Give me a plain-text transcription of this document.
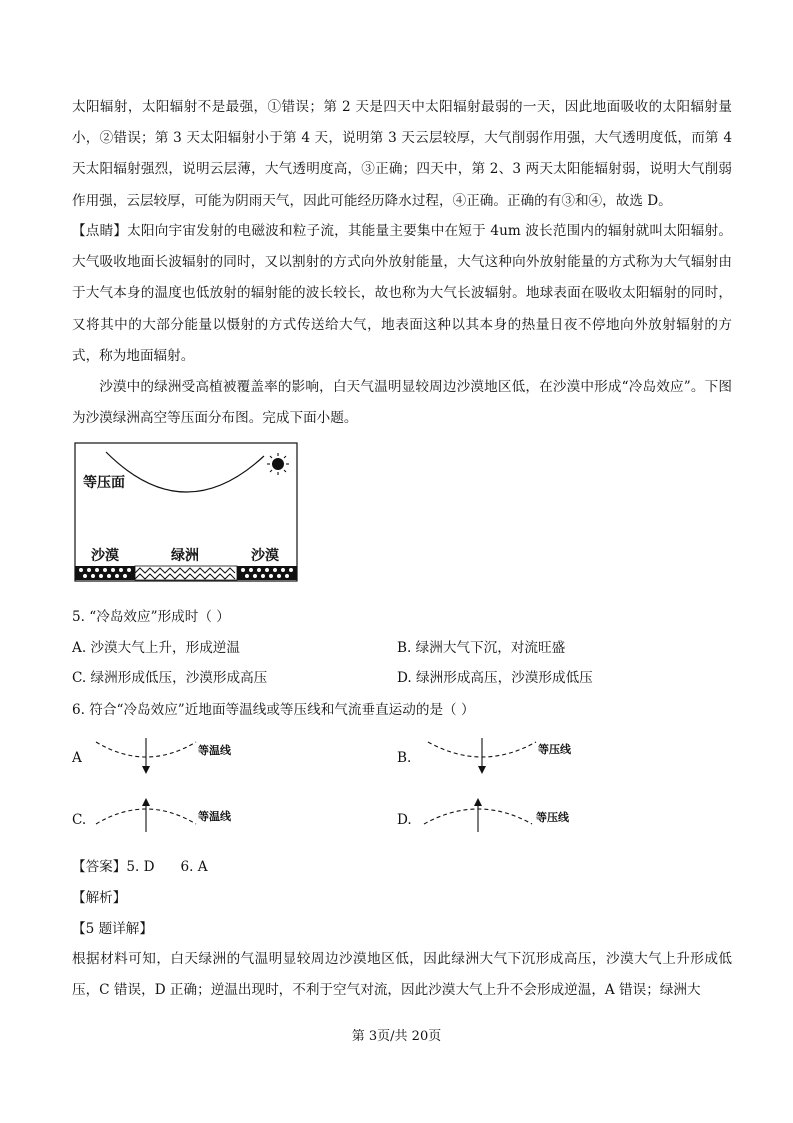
太阳辐射，太阳辐射不是最强，①错误；第 2 天是四天中太阳辐射最弱的一天，因此地面吸收的太阳辐射量小，②错误；第 3 天太阳辐射小于第 4 天，说明第 3 天云层较厚，大气削弱作用强，大气透明度低，而第 4 天太阳辐射强烈，说明云层薄，大气透明度高，③正确；四天中，第 2、3 两天太阳能辐射弱，说明大气削弱作用强，云层较厚，可能为阴雨天气，因此可能经历降水过程，④正确。正确的有③和④，故选 D。

【点睛】太阳向宇宙发射的电磁波和粒子流，其能量主要集中在短于 4um 波长范围内的辐射就叫太阳辐射。大气吸收地面长波辐射的同时，又以割射的方式向外放射能量，大气这种向外放射能量的方式称为大气辐射由于大气本身的温度也低放射的辐射能的波长较长，故也称为大气长波辐射。地球表面在吸收太阳辐射的同时，又将其中的大部分能量以慑射的方式传送给大气，地表面这种以其本身的热量日夜不停地向外放射辐射的方式，称为地面辐射。

沙漠中的绿洲受高植被覆盖率的影响，白天气温明显较周边沙漠地区低，在沙漠中形成“冷岛效应”。下图为沙漠绿洲高空等压面分布图。完成下面小题。

等压面
沙漠	绿洲	沙漠

5. “冷岛效应”形成时（ ）

A. 沙漠大气上升，形成逆温	B. 绿洲大气下沉，对流旺盛
C. 绿洲形成低压，沙漠形成高压	D. 绿洲形成高压，沙漠形成低压

6. 符合“冷岛效应”近地面等温线或等压线和气流垂直运动的是（ ）

A	等温线	B.
等压线
C.	等温线	D.	等压线

【答案】5. D      6. A

【解析】

【5 题详解】

根据材料可知，白天绿洲的气温明显较周边沙漠地区低，因此绿洲大气下沉形成高压，沙漠大气上升形成低压，C 错误，D 正确；逆温出现时，不利于空气对流，因此沙漠大气上升不会形成逆温，A 错误；绿洲大

第 3页/共 20页
